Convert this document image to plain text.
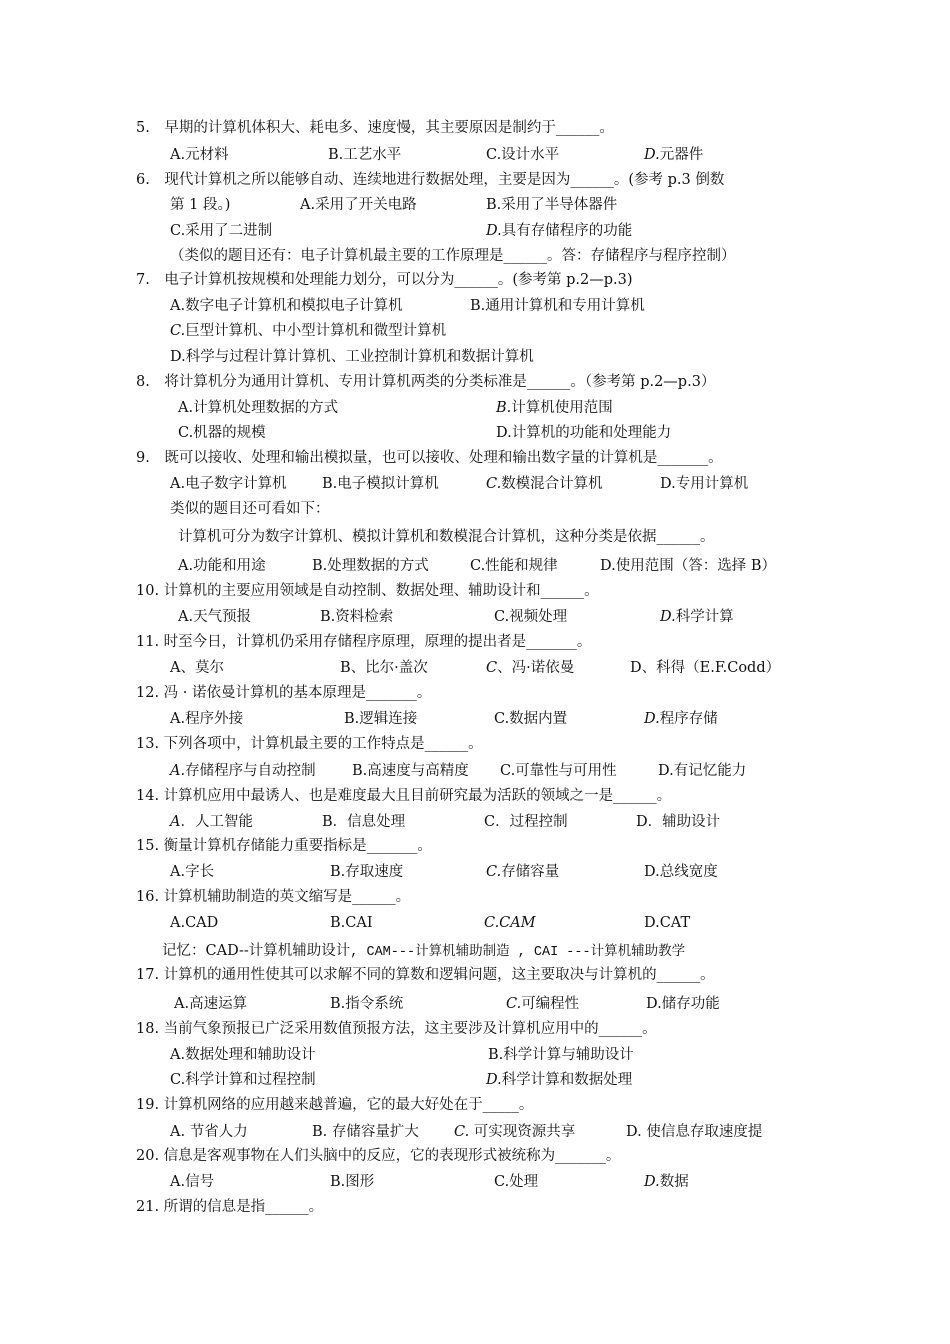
5.　早期的计算机体积大、耗电多、速度慢，其主要原因是制约于______。
A.元材料	B.工艺水平	C.设计水平	D.元器件
6.　现代计算机之所以能够自动、连续地进行数据处理，主要是因为______。(参考 p.3 倒数
第 1 段。)	A.采用了开关电路	B.采用了半导体器件
C.采用了二进制	D.具有存储程序的功能
（类似的题目还有：电子计算机最主要的工作原理是______。答：存储程序与程序控制）
7.　电子计算机按规模和处理能力划分，可以分为______。(参考第 p.2—p.3)
A.数字电子计算机和模拟电子计算机	B.通用计算机和专用计算机
C.巨型计算机、中小型计算机和微型计算机
D.科学与过程计算计算机、工业控制计算机和数据计算机
8.　将计算机分为通用计算机、专用计算机两类的分类标准是______。（参考第 p.2—p.3）
A.计算机处理数据的方式	B.计算机使用范围
C.机器的规模	D.计算机的功能和处理能力
9.　既可以接收、处理和输出模拟量，也可以接收、处理和输出数字量的计算机是_______。
A.电子数字计算机 B.电子模拟计算机	C.数模混合计算机	D.专用计算机
类似的题目还可看如下：
计算机可分为数字计算机、模拟计算机和数模混合计算机，这种分类是依据______。
A.功能和用途	B.处理数据的方式	C.性能和规律	D.使用范围（答：选择 B）
10. 计算机的主要应用领域是自动控制、数据处理、辅助设计和______。
A.天气预报	B.资料检索	C.视频处理	D.科学计算
11. 时至今日，计算机仍采用存储程序原理，原理的提出者是_______。
A、莫尔	B、比尔·盖次	C、冯·诺依曼	D、科得（E.F.Codd）
12. 冯 · 诺依曼计算机的基本原理是_______。
A.程序外接	B.逻辑连接	C.数据内置	D.程序存储
13. 下列各项中，计算机最主要的工作特点是______。
A.存储程序与自动控制	B.高速度与高精度 C.可靠性与可用性	D.有记忆能力
14. 计算机应用中最诱人、也是难度最大且目前研究最为活跃的领域之一是______。
A．人工智能	B．信息处理	C．过程控制	D．辅助设计
15. 衡量计算机存储能力重要指标是_______。
A.字长	B.存取速度	C.存储容量	D.总线宽度
16. 计算机辅助制造的英文缩写是______。
A.CAD	B.CAI	C.CAM	D.CAT
记忆：CAD--计算机辅助设计, CAM---计算机辅助制造 , CAI ---计算机辅助教学
17. 计算机的通用性使其可以求解不同的算数和逻辑问题，这主要取决与计算机的______。
A.高速运算	B.指令系统	C.可编程性	D.储存功能
18. 当前气象预报已广泛采用数值预报方法，这主要涉及计算机应用中的______。
A.数据处理和辅助设计	B.科学计算与辅助设计
C.科学计算和过程控制	D.科学计算和数据处理
19. 计算机网络的应用越来越普遍，它的最大好处在于_____。
A. 节省人力	B. 存储容量扩大 C. 可实现资源共享	D. 使信息存取速度提
20. 信息是客观事物在人们头脑中的反应，它的表现形式被统称为_______。
A.信号	B.图形	C.处理	D.数据
21. 所谓的信息是指______。
